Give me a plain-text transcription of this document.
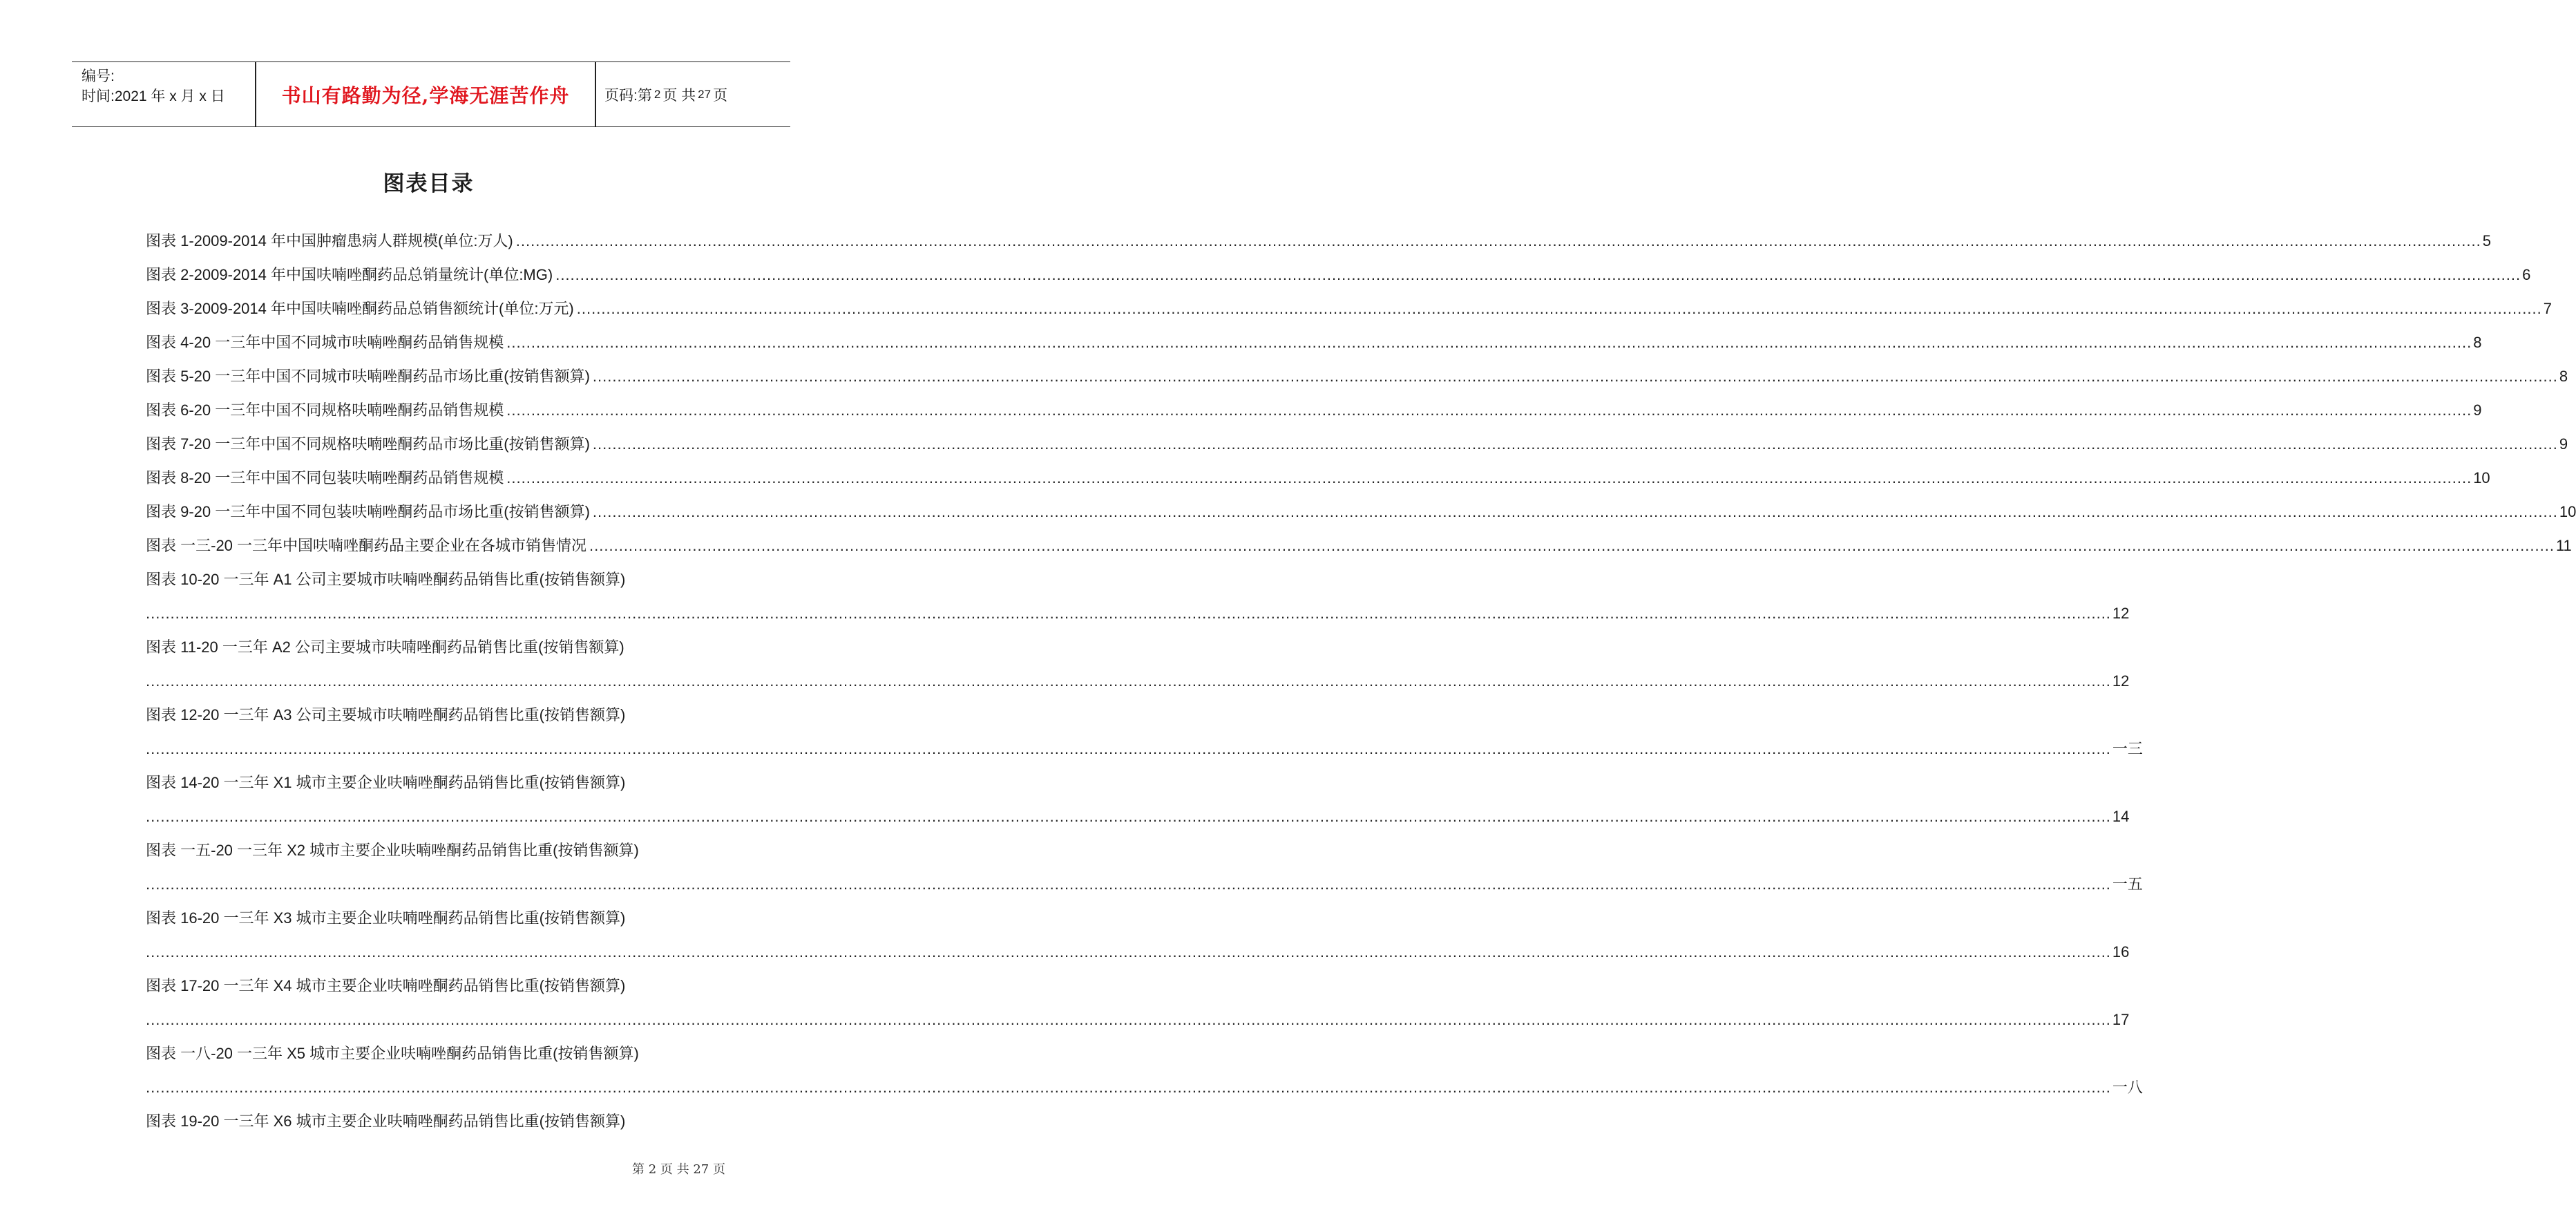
编号:
时间:2021 年 x 月 x 日	书山有路勤为径,学海无涯苦作舟	页码:第 2 页 共 27 页
图表目录
图表 1-2009-2014 年中国肿瘤患病人群规模(单位:万人) ................................................................................................................................................................................................................................................................................................................................................................................................................ 5
图表 2-2009-2014 年中国呋喃唑酮药品总销量统计(单位:MG) ................................................................................................................................................................................................................................................................................................................................................................................................................ 6
图表 3-2009-2014 年中国呋喃唑酮药品总销售额统计(单位:万元) ................................................................................................................................................................................................................................................................................................................................................................................................................ 7
图表 4-20 一三年中国不同城市呋喃唑酮药品销售规模 ................................................................................................................................................................................................................................................................................................................................................................................................................ 8
图表 5-20 一三年中国不同城市呋喃唑酮药品市场比重(按销售额算) ................................................................................................................................................................................................................................................................................................................................................................................................................ 8
图表 6-20 一三年中国不同规格呋喃唑酮药品销售规模 ................................................................................................................................................................................................................................................................................................................................................................................................................ 9
图表 7-20 一三年中国不同规格呋喃唑酮药品市场比重(按销售额算) ................................................................................................................................................................................................................................................................................................................................................................................................................ 9
图表 8-20 一三年中国不同包装呋喃唑酮药品销售规模 ................................................................................................................................................................................................................................................................................................................................................................................................................ 10
图表 9-20 一三年中国不同包装呋喃唑酮药品市场比重(按销售额算) ................................................................................................................................................................................................................................................................................................................................................................................................................ 10
图表 一三-20 一三年中国呋喃唑酮药品主要企业在各城市销售情况 ................................................................................................................................................................................................................................................................................................................................................................................................................ 11
图表 10-20 一三年 A1 公司主要城市呋喃唑酮药品销售比重(按销售额算)
................................................................................................................................................................................................................................................................................................................................................................................................................ 12
图表 11-20 一三年 A2 公司主要城市呋喃唑酮药品销售比重(按销售额算)
................................................................................................................................................................................................................................................................................................................................................................................................................ 12
图表 12-20 一三年 A3 公司主要城市呋喃唑酮药品销售比重(按销售额算)
................................................................................................................................................................................................................................................................................................................................................................................................................ 一三
图表 14-20 一三年 X1 城市主要企业呋喃唑酮药品销售比重(按销售额算)
................................................................................................................................................................................................................................................................................................................................................................................................................ 14
图表 一五-20 一三年 X2 城市主要企业呋喃唑酮药品销售比重(按销售额算)
................................................................................................................................................................................................................................................................................................................................................................................................................ 一五
图表 16-20 一三年 X3 城市主要企业呋喃唑酮药品销售比重(按销售额算)
................................................................................................................................................................................................................................................................................................................................................................................................................ 16
图表 17-20 一三年 X4 城市主要企业呋喃唑酮药品销售比重(按销售额算)
................................................................................................................................................................................................................................................................................................................................................................................................................ 17
图表 一八-20 一三年 X5 城市主要企业呋喃唑酮药品销售比重(按销售额算)
................................................................................................................................................................................................................................................................................................................................................................................................................ 一八
图表 19-20 一三年 X6 城市主要企业呋喃唑酮药品销售比重(按销售额算)
第 2 页 共 27 页
